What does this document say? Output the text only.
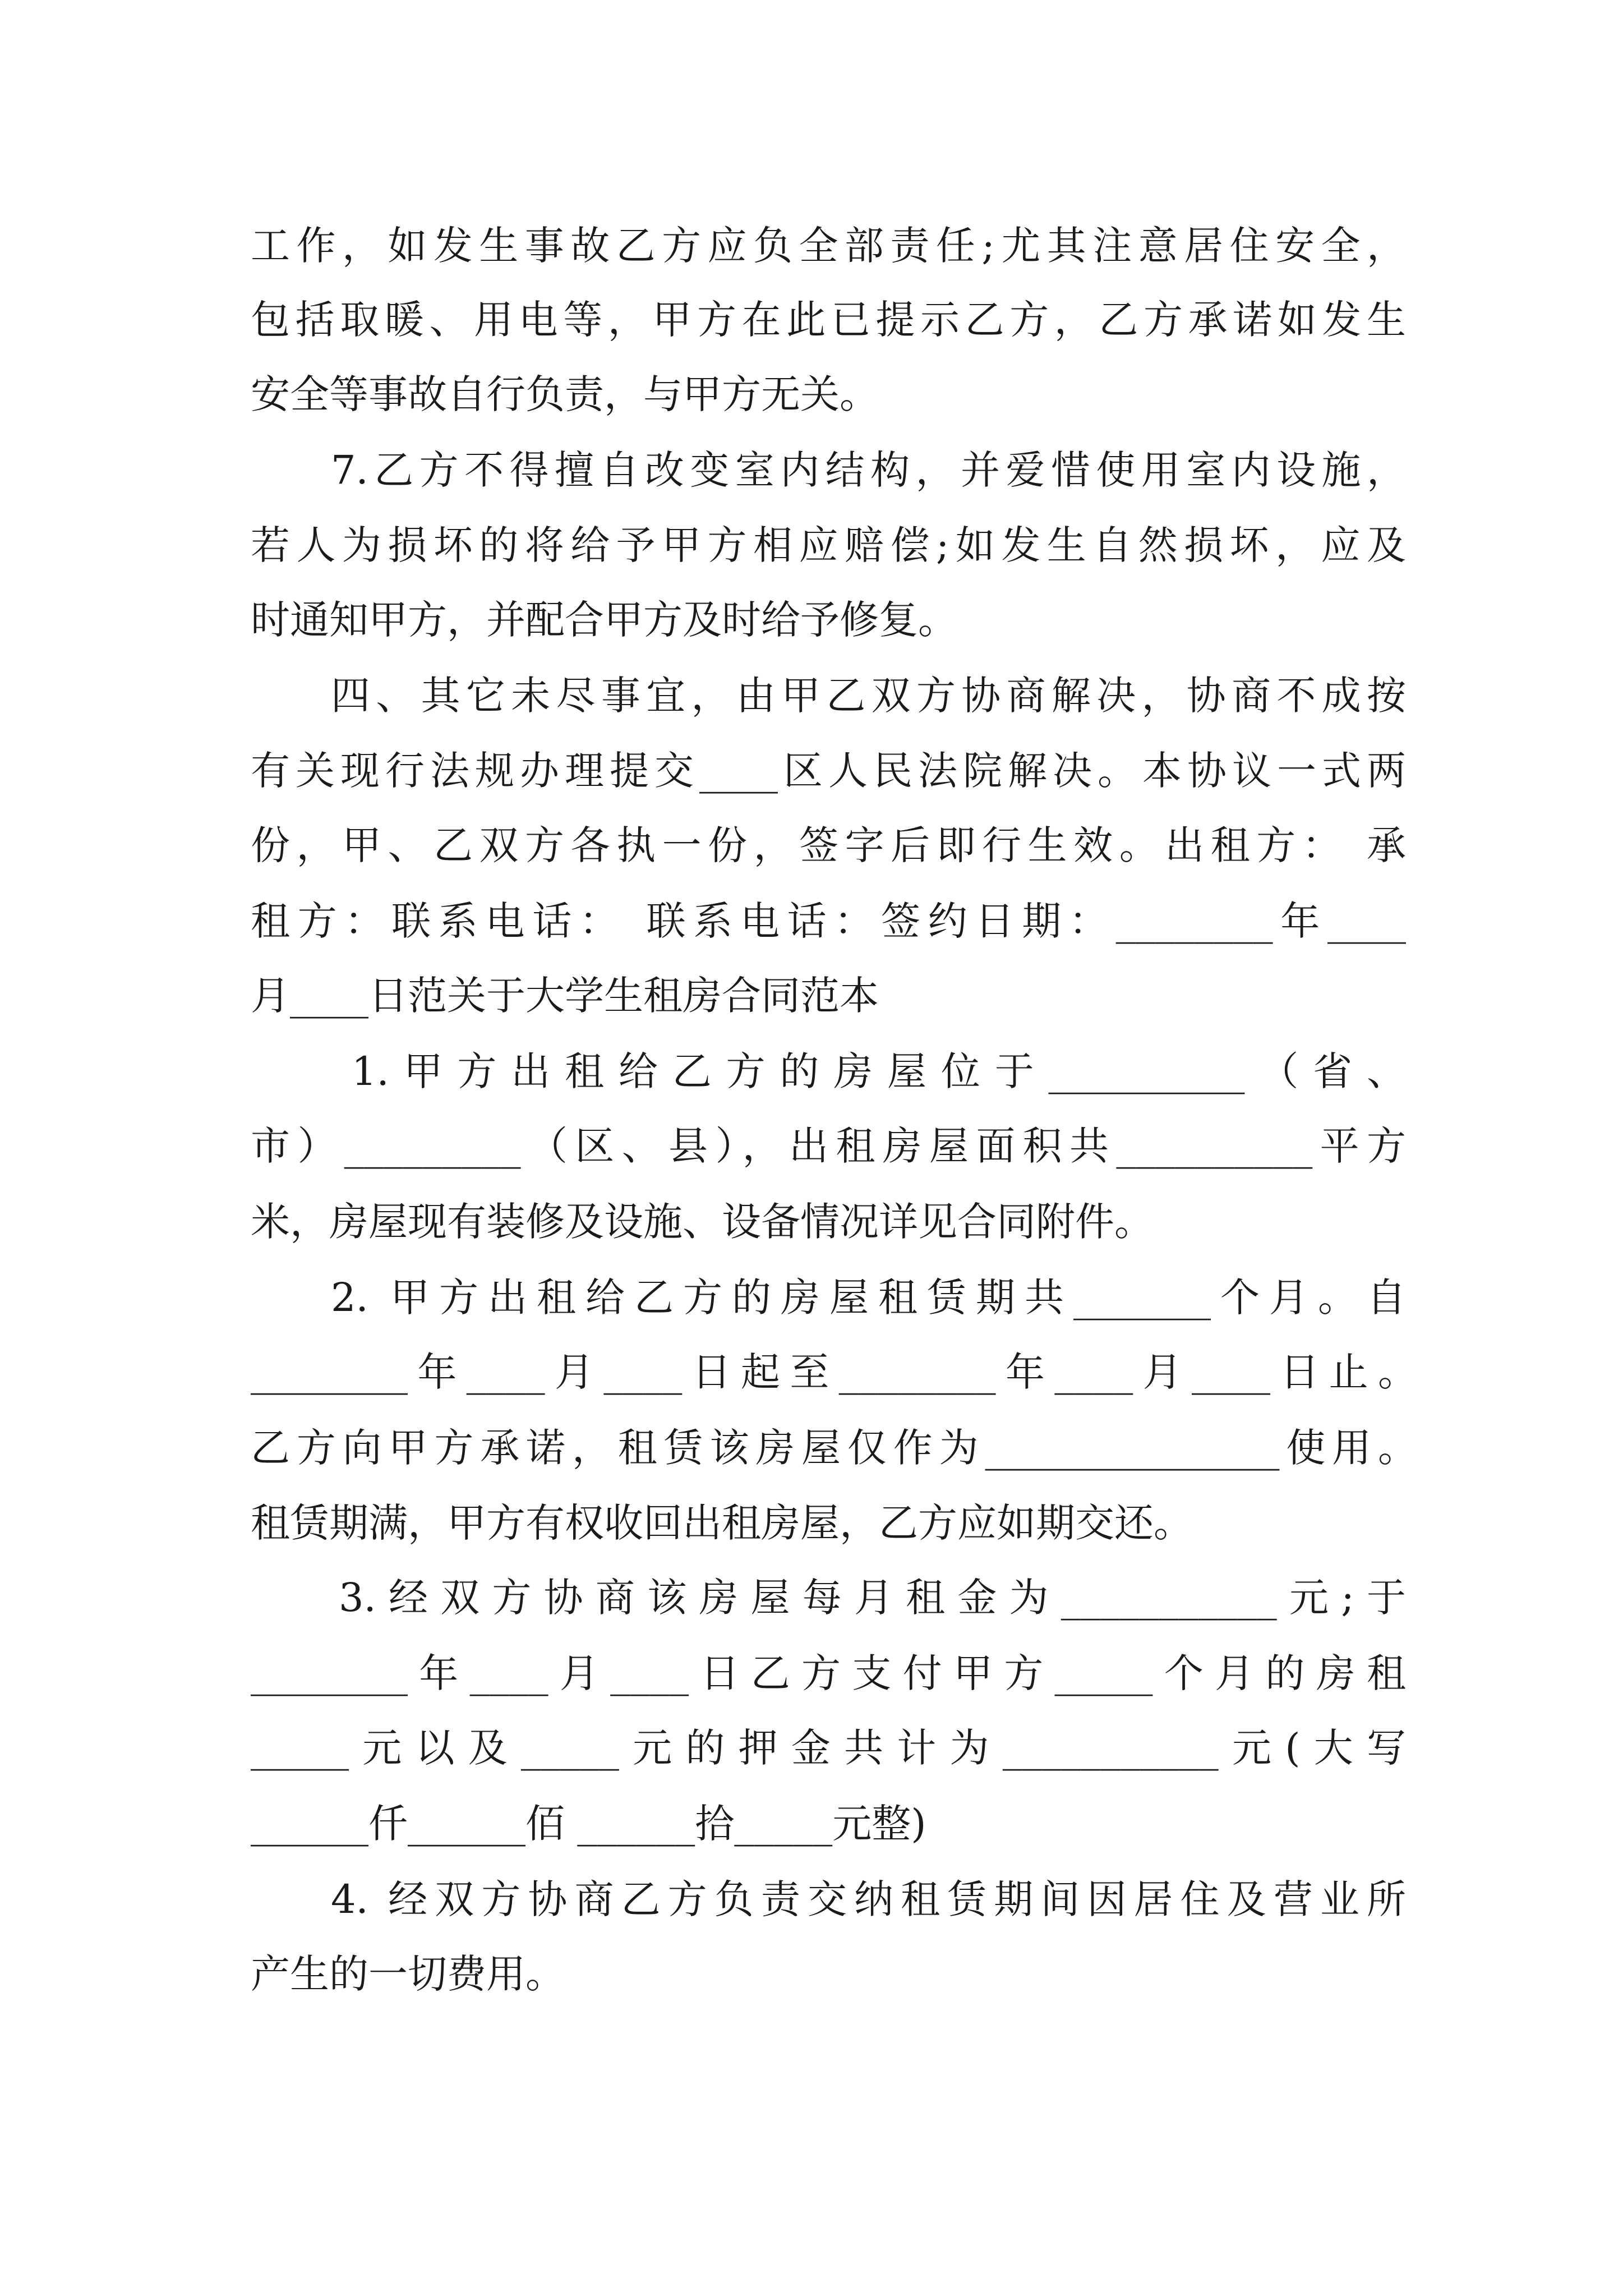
工作，如发生事故乙方应负全部责任;尤其注意居住安全，
包括取暖、用电等，甲方在此已提示乙方，乙方承诺如发生
安全等事故自行负责，与甲方无关。
7.乙方不得擅自改变室内结构，并爱惜使用室内设施，
若人为损坏的将给予甲方相应赔偿;如发生自然损坏，应及
时通知甲方，并配合甲方及时给予修复。
四、其它未尽事宜，由甲乙双方协商解决，协商不成按
有关现行法规办理提交____区人民法院解决。本协议一式两
份，甲、乙双方各执一份，签字后即行生效。出租方： 承
租方：联系电话： 联系电话：签约日期：________年____
月____日范关于大学生租房合同范本
1.甲方出租给乙方的房屋位于__________（省、
市）_________（区、县），出租房屋面积共__________平方
米，房屋现有装修及设施、设备情况详见合同附件。
2. 甲方出租给乙方的房屋租赁期共_______个月。自
________年____月____日起至________年____月____日止。
乙方向甲方承诺，租赁该房屋仅作为_______________使用。
租赁期满，甲方有权收回出租房屋，乙方应如期交还。
3.经双方协商该房屋每月租金为___________元;于
________年____月____日乙方支付甲方_____个月的房租
_____元以及_____元的押金共计为___________元(大写
______仟______佰 ______拾_____元整)
4. 经双方协商乙方负责交纳租赁期间因居住及营业所
产生的一切费用。
